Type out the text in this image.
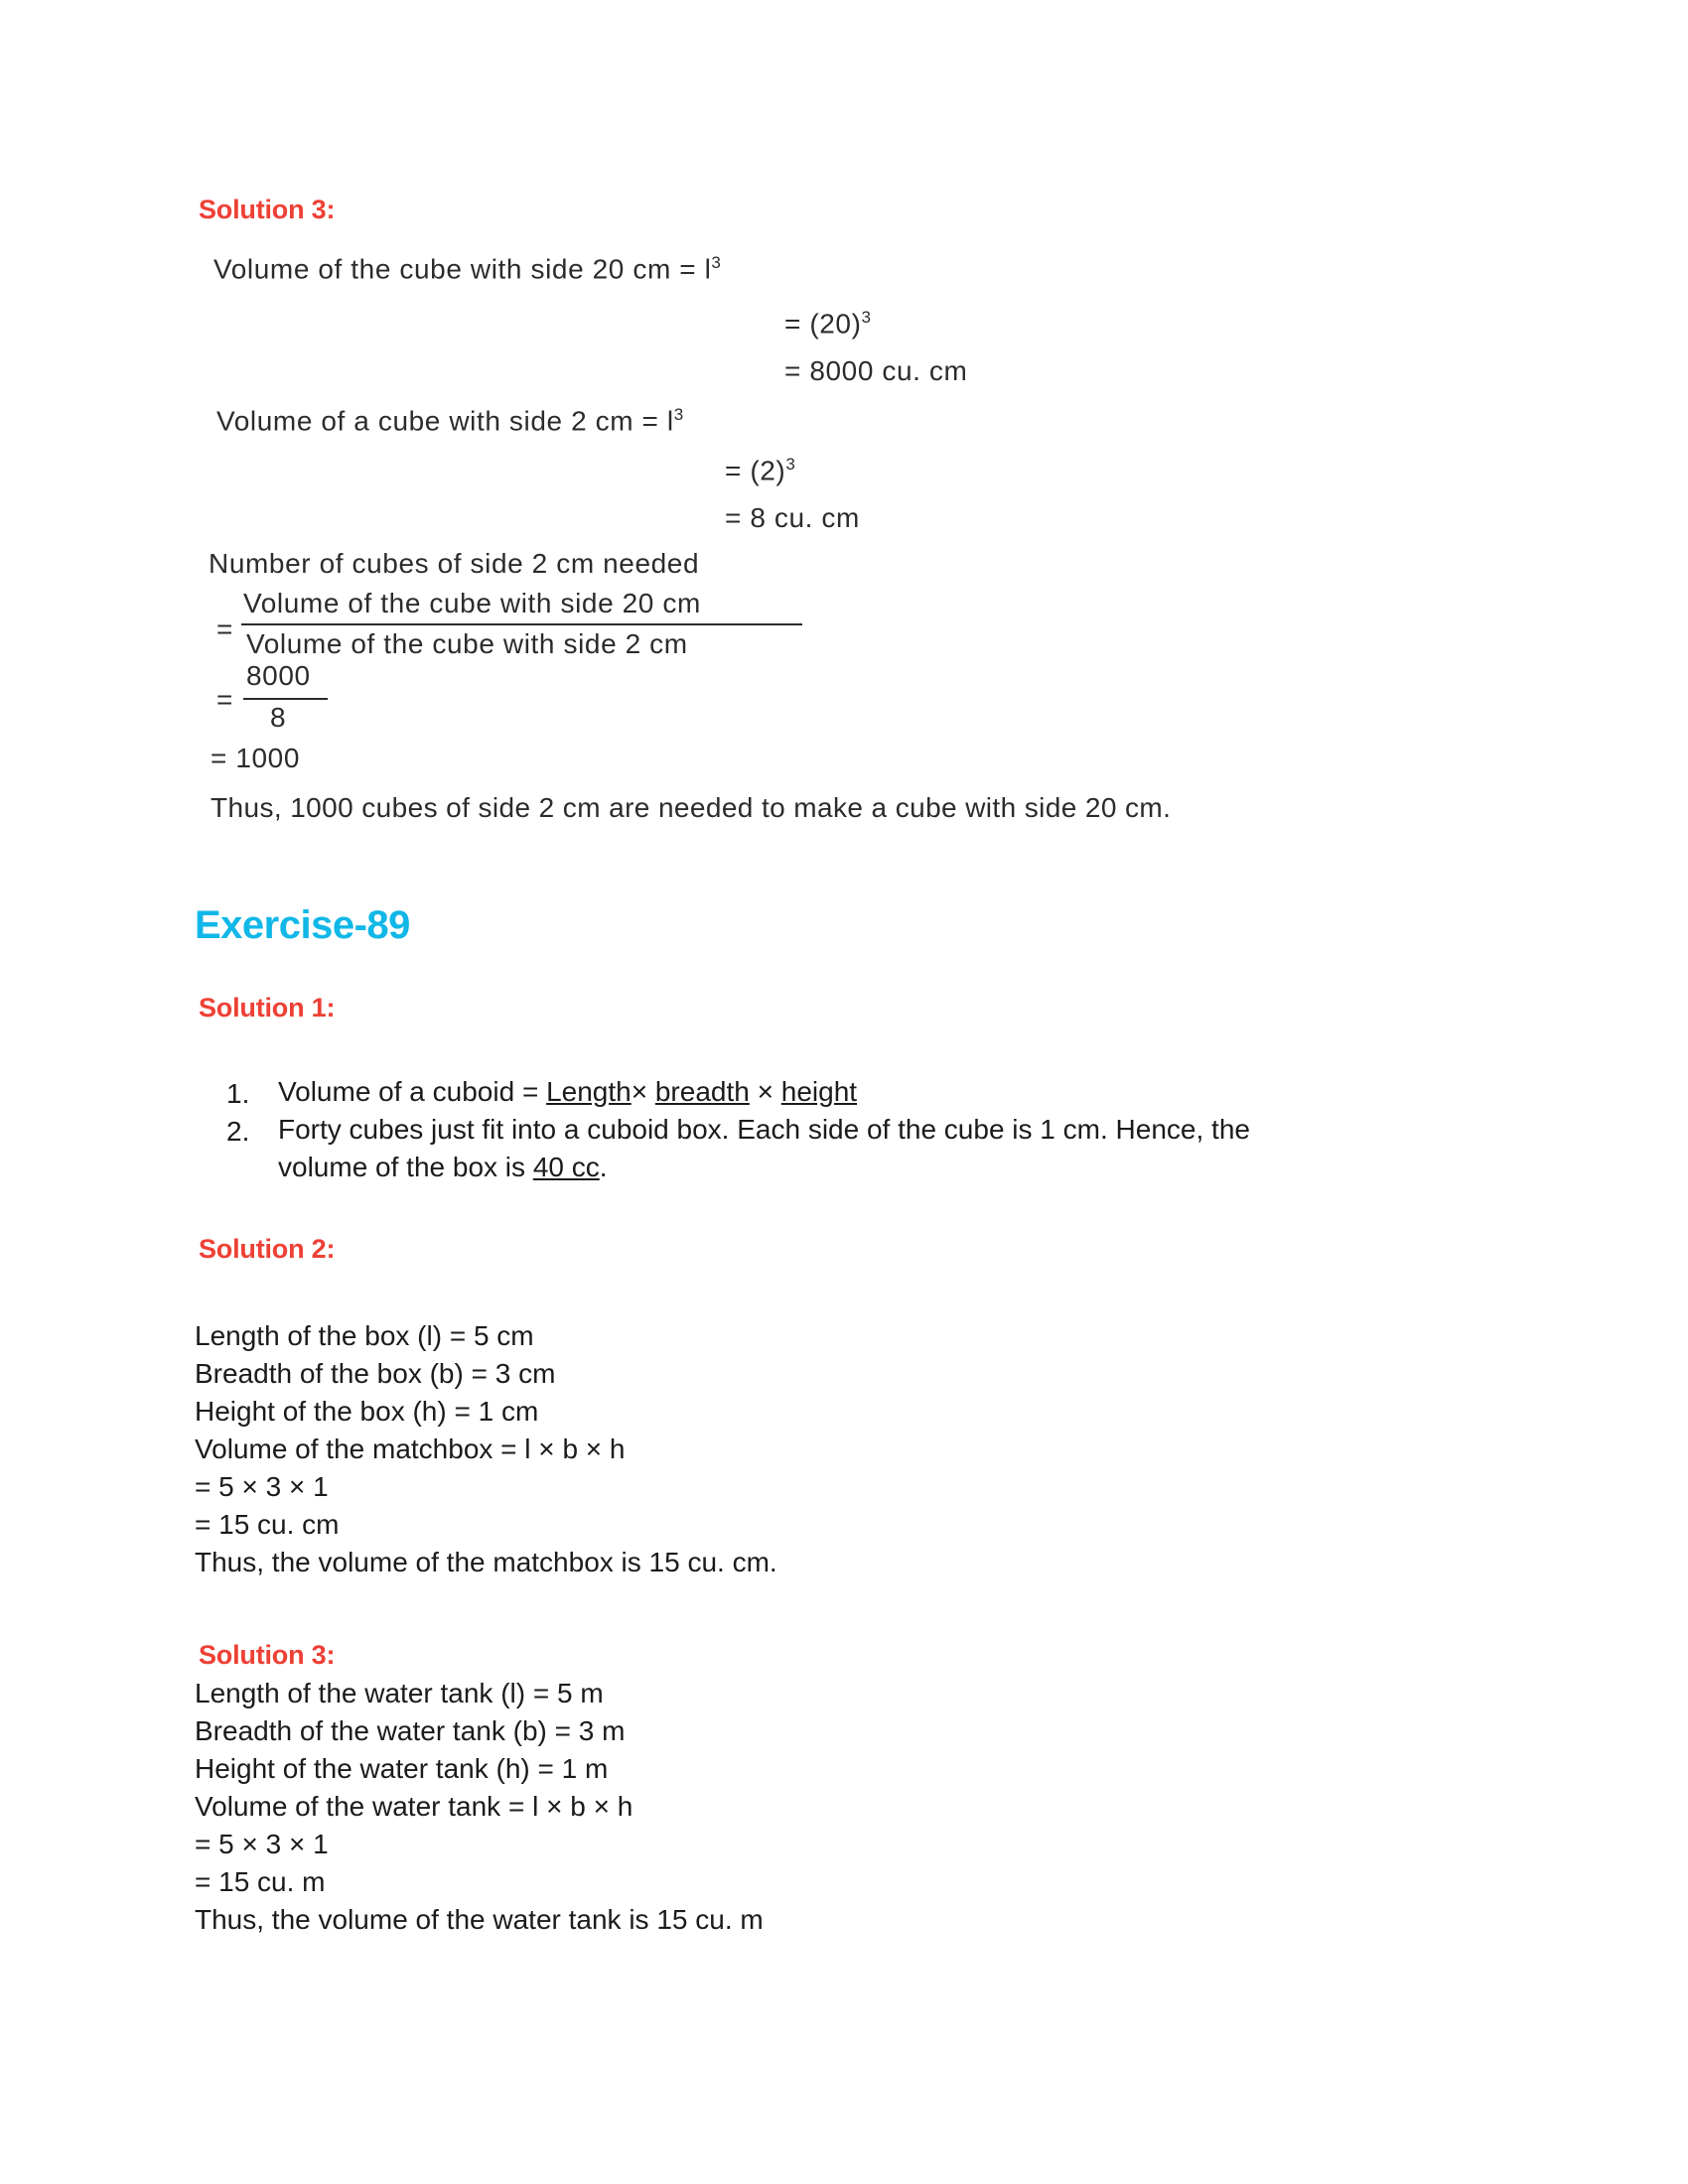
Solution 3:
Volume of the cube with side 20 cm = $l^3$
= $(20)^3$
= 8000 cu. cm
Volume of a cube with side 2 cm = $l^3$
= $(2)^3$
= 8 cu. cm
Number of cubes of side 2 cm needed
=
Volume of the cube with side 20 cm
Volume of the cube with side 2 cm
=
8000
8
= 1000
Thus, 1000 cubes of side 2 cm are needed to make a cube with side 20 cm.
Exercise-89
Solution 1:
1. Volume of a cuboid = Length× breadth × height
2. Forty cubes just fit into a cuboid box. Each side of the cube is 1 cm. Hence, the
volume of the box is 40 cc.
Solution 2:
Length of the box (l) = 5 cm
Breadth of the box (b) = 3 cm
Height of the box (h) = 1 cm
Volume of the matchbox = l × b × h
= 5 × 3 × 1
= 15 cu. cm
Thus, the volume of the matchbox is 15 cu. cm.
Solution 3:
Length of the water tank (l) = 5 m
Breadth of the water tank (b) = 3 m
Height of the water tank (h) = 1 m
Volume of the water tank = l × b × h
= 5 × 3 × 1
= 15 cu. m
Thus, the volume of the water tank is 15 cu. m
